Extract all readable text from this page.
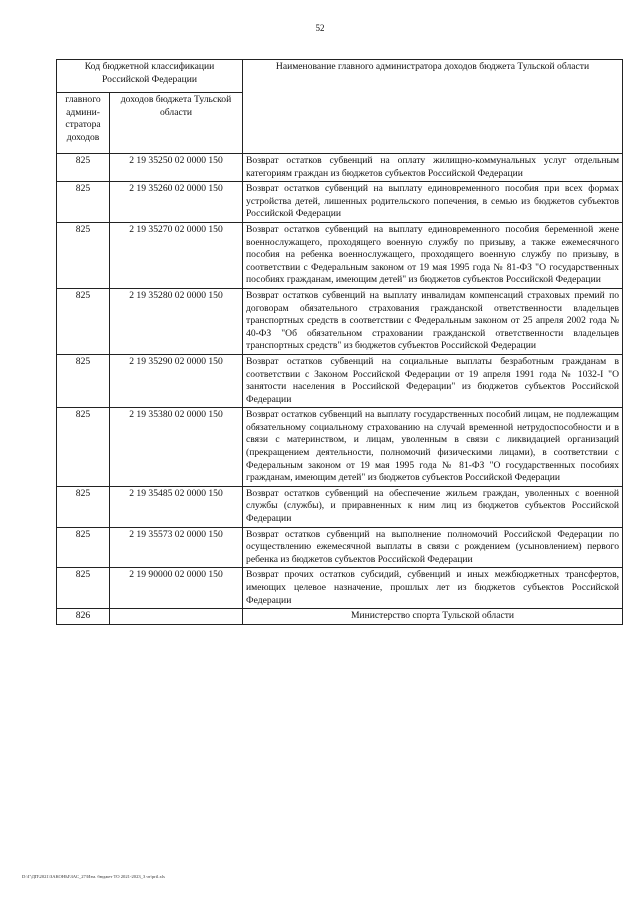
52
Код бюджетной классификации Российской Федерации		Наименование главного администратора доходов бюджета Тульской области
главного админи-стратора доходов	доходов бюджета Тульской области	
825	2 19 35250 02 0000 150	Возврат остатков субвенций на оплату жилищно-коммунальных услуг отдельным категориям граждан из бюджетов субъектов Российской Федерации
825	2 19 35260 02 0000 150	Возврат остатков субвенций на выплату единовременного пособия при всех формах устройства детей, лишенных родительского попечения, в семью из бюджетов субъектов Российской Федерации
825	2 19 35270 02 0000 150	Возврат остатков субвенций на выплату единовременного пособия беременной жене военнослужащего, проходящего военную службу по призыву, а также ежемесячного пособия на ребенка военнослужащего, проходящего военную службу по призыву, в соответствии с Федеральным законом от 19 мая 1995 года № 81-ФЗ "О государственных пособиях гражданам, имеющим детей" из бюджетов субъектов Российской Федерации
825	2 19 35280 02 0000 150	Возврат остатков субвенций на выплату инвалидам компенсаций страховых премий по договорам обязательного страхования гражданской ответственности владельцев транспортных средств в соответствии с Федеральным законом от 25 апреля 2002 года № 40-ФЗ "Об обязательном страховании гражданской ответственности владельцев транспортных средств" из бюджетов субъектов Российской Федерации
825	2 19 35290 02 0000 150	Возврат остатков субвенций на социальные выплаты безработным гражданам в соответствии с Законом Российской Федерации от 19 апреля 1991 года № 1032-I "О занятости населения в Российской Федерации" из бюджетов субъектов Российской Федерации
825	2 19 35380 02 0000 150	Возврат остатков субвенций на выплату государственных пособий лицам, не подлежащим обязательному социальному страхованию на случай временной нетрудоспособности и в связи с материнством, и лицам, уволенным в связи с ликвидацией организаций (прекращением деятельности, полномочий физическими лицами), в соответствии с Федеральным законом от 19 мая 1995 года № 81-ФЗ "О государственных пособиях гражданам, имеющим детей" из бюджетов субъектов Российской Федерации
825	2 19 35485 02 0000 150	Возврат остатков субвенций на обеспечение жильем граждан, уволенных с военной службы (службы), и приравненных к ним лиц из бюджетов субъектов Российской Федерации
825	2 19 35573 02 0000 150	Возврат остатков субвенций на выполнение полномочий Российской Федерации по осуществлению ежемесячной выплаты в связи с рождением (усыновлением) первого ребенка из бюджетов субъектов Российской Федерации
825	2 19 90000 02 0000 150	Возврат прочих остатков субсидий, субвенций и иных межбюджетных трансфертов, имеющих целевое назначение, прошлых лет из бюджетов субъектов Российской Федерации
826		Министерство спорта Тульской области
D:\Г\ДП\2021\ЗАКОНЫ\ЗАС_27\Изм. бюджет ТО 2021-2023_3 чт\pril.xls
